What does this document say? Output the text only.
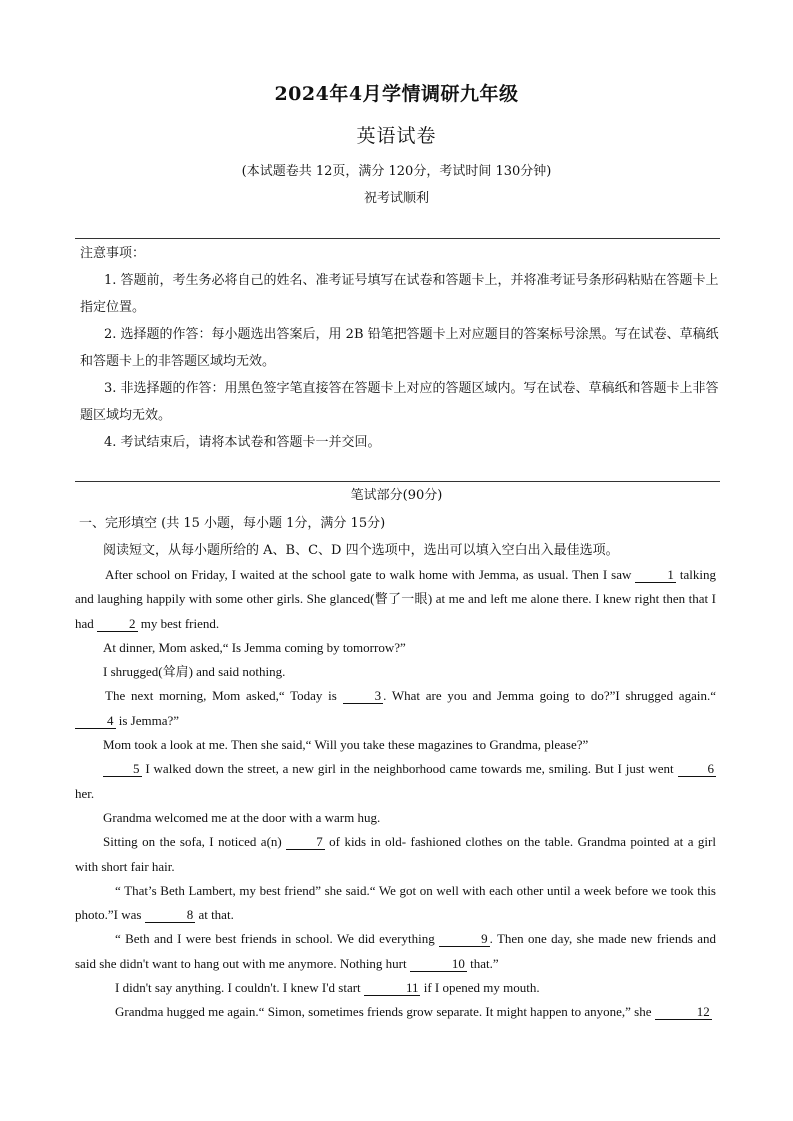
2024年4月学情调研九年级
英语试卷
(本试题卷共 12页，满分 120分，考试时间 130分钟)
祝考试顺利
注意事项：
1. 答题前，考生务必将自己的姓名、准考证号填写在试卷和答题卡上，并将准考证号条形码粘贴在答题卡上指定位置。
2. 选择题的作答：每小题选出答案后，用 2B 铅笔把答题卡上对应题目的答案标号涂黑。写在试卷、草稿纸和答题卡上的非答题区域均无效。
3. 非选择题的作答：用黑色签字笔直接答在答题卡上对应的答题区域内。写在试卷、草稿纸和答题卡上非答题区域均无效。
4. 考试结束后，请将本试卷和答题卡一并交回。
笔试部分(90分)
一、完形填空 (共 15 小题，每小题 1分，满分 15分)
阅读短文，从每小题所给的 A、B、C、D 四个选项中，选出可以填入空白出入最佳选项。

After school on Friday, I waited at the school gate to walk home with Jemma, as usual. Then I saw 1 talking and laughing happily with some other girls. She glanced(瞥了一眼) at me and left me alone there. I knew right then that I had 2 my best friend.

At dinner, Mom asked,“ Is Jemma coming by tomorrow?”

I shrugged(耸肩) and said nothing.

The next morning, Mom asked,“ Today is 3 . What are you and Jemma going to do?”I shrugged again.“ 4 is Jemma?”

Mom took a look at me. Then she said,“ Will you take these magazines to Grandma, please?”

5 I walked down the street, a new girl in the neighborhood came towards me, smiling. But I just went 6 her.

Grandma welcomed me at the door with a warm hug.

Sitting on the sofa, I noticed a(n) 7 of kids in old- fashioned clothes on the table. Grandma pointed at a girl with short fair hair.

“ That’s Beth Lambert, my best friend” she said.“ We got on well with each other until a week before we took this photo.”I was	8 at that.

“ Beth and I were best friends in school. We did everything	9 . Then one day, she made new friends and said she didn't want to hang out with me anymore. Nothing hurt	10 that.”

I didn't say anything. I couldn't. I knew I'd start	11 if I opened my mouth.

Grandma hugged me again.“ Simon, sometimes friends grow separate. It might happen to anyone,” she	12
